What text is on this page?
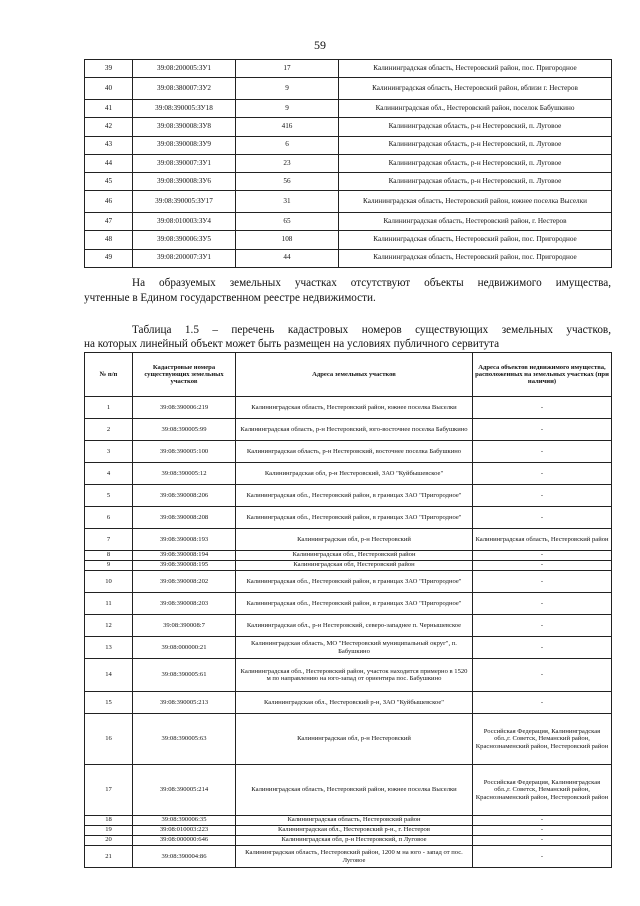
59
39	39:08:200005:ЗУ1	17	Калининградская область, Нестеровский район, пос. Пригородное
40	39:08:380007:ЗУ2	9	Калининградская область, Нестеровский район, вблизи г. Нестеров
41	39:08:390005:ЗУ18	9	Калининградская обл., Нестеровский район, поселок Бабушкино
42	39:08:390008:ЗУ8	416	Калининградская область, р-н Нестеровский, п. Луговое
43	39:08:390008:ЗУ9	6	Калининградская область, р-н Нестеровский, п. Луговое
44	39:08:390007:ЗУ1	23	Калининградская область, р-н Нестеровский, п. Луговое
45	39:08:390008:ЗУ6	56	Калининградская область, р-н Нестеровский, п. Луговое
46	39:08:390005:ЗУ17	31	Калининградская область, Нестеровский район, южнее поселка Выселки
47	39:08:010003:ЗУ4	65	Калининградская область, Нестеровский район, г. Нестеров
48	39:08:390006:ЗУ5	108	Калининградская область, Нестеровский район, пос. Пригородное
49	39:08:200007:ЗУ1	44	Калининградская область, Нестеровский район, пос. Пригородное
На образуемых земельных участках отсутствуют объекты недвижимого имущества,
учтенные в Едином государственном реестре недвижимости.
Таблица 1.5 – перечень кадастровых номеров существующих земельных участков,
на которых линейный объект может быть размещен на условиях публичного сервитута
№ п/п	Кадастровые номера существующих земельных участков	Адреса земельных участков	Адреса объектов недвижимого имущества, расположенных на земельных участках (при наличии)
1	39:08:390006:219	Калининградская область, Нестеровский район, южнее поселка Выселки	-
2	39:08:390005:99	Калининградская область, р-н Нестеровский, юго-восточнее поселка Бабушкино	-
3	39:08:390005:100	Калининградская область, р-н Нестеровский, восточнее поселка Бабушкино	-
4	39:08:390005:12	Калининградская обл, р-н Нестеровский, ЗАО "Куйбышевское"	-
5	39:08:390008:206	Калининградская обл., Нестеровский район, в границах ЗАО "Пригородное"	-
6	39:08:390008:208	Калининградская обл., Нестеровский район, в границах ЗАО "Пригородное"	-
7	39:08:390008:193	Калининградская обл, р-н Нестеровский	Калининградская область, Нестеровский район
8	39:08:390008:194	Калининградская обл., Нестеровский район	-
9	39:08:390008:195	Калининградская обл, Нестеровский район	-
10	39:08:390008:202	Калининградская обл., Нестеровский район, в границах ЗАО "Пригородное"	-
11	39:08:390008:203	Калининградская обл., Нестеровский район, в границах ЗАО "Пригородное"	-
12	39:08:390008:7	Калининградская обл., р-н Нестеровский, северо-западнее п. Чернышевское	-
13	39:08:000000:21	Калининградская область, МО "Нестеровский муниципальный округ", п. Бабушкино	-
14	39:08:390005:61	Калининградская обл., Нестеровский район, участок находится примерно в 1520 м по направлению на юго-запад от ориентира пос. Бабушкино	-
15	39:08:390005:213	Калининградская обл., Нестеровский р-н, ЗАО "Куйбышевское"	-
16	39:08:390005:63	Калининградская обл, р-н Нестеровский	Российская Федерация, Калининградская обл.,г. Советск, Неманский район, Краснознаменский район, Нестеровский район
17	39:08:390005:214	Калининградская область, Нестеровский район, южнее поселка Выселки	Российская Федерация, Калининградская обл.,г. Советск, Неманский район, Краснознаменский район, Нестеровский район
18	39:08:390006:35	Калининградская область, Нестеровский район	-
19	39:08:010003:223	Калининградская обл., Нестеровский р-н., г. Нестеров	-
20	39:08:000000:646	Калининградская обл, р-н Нестеровский, п Луговое	-
21	39:08:390004:86	Калининградская область, Нестеровский район, 1200 м на юго - запад от пос. Луговое	-
